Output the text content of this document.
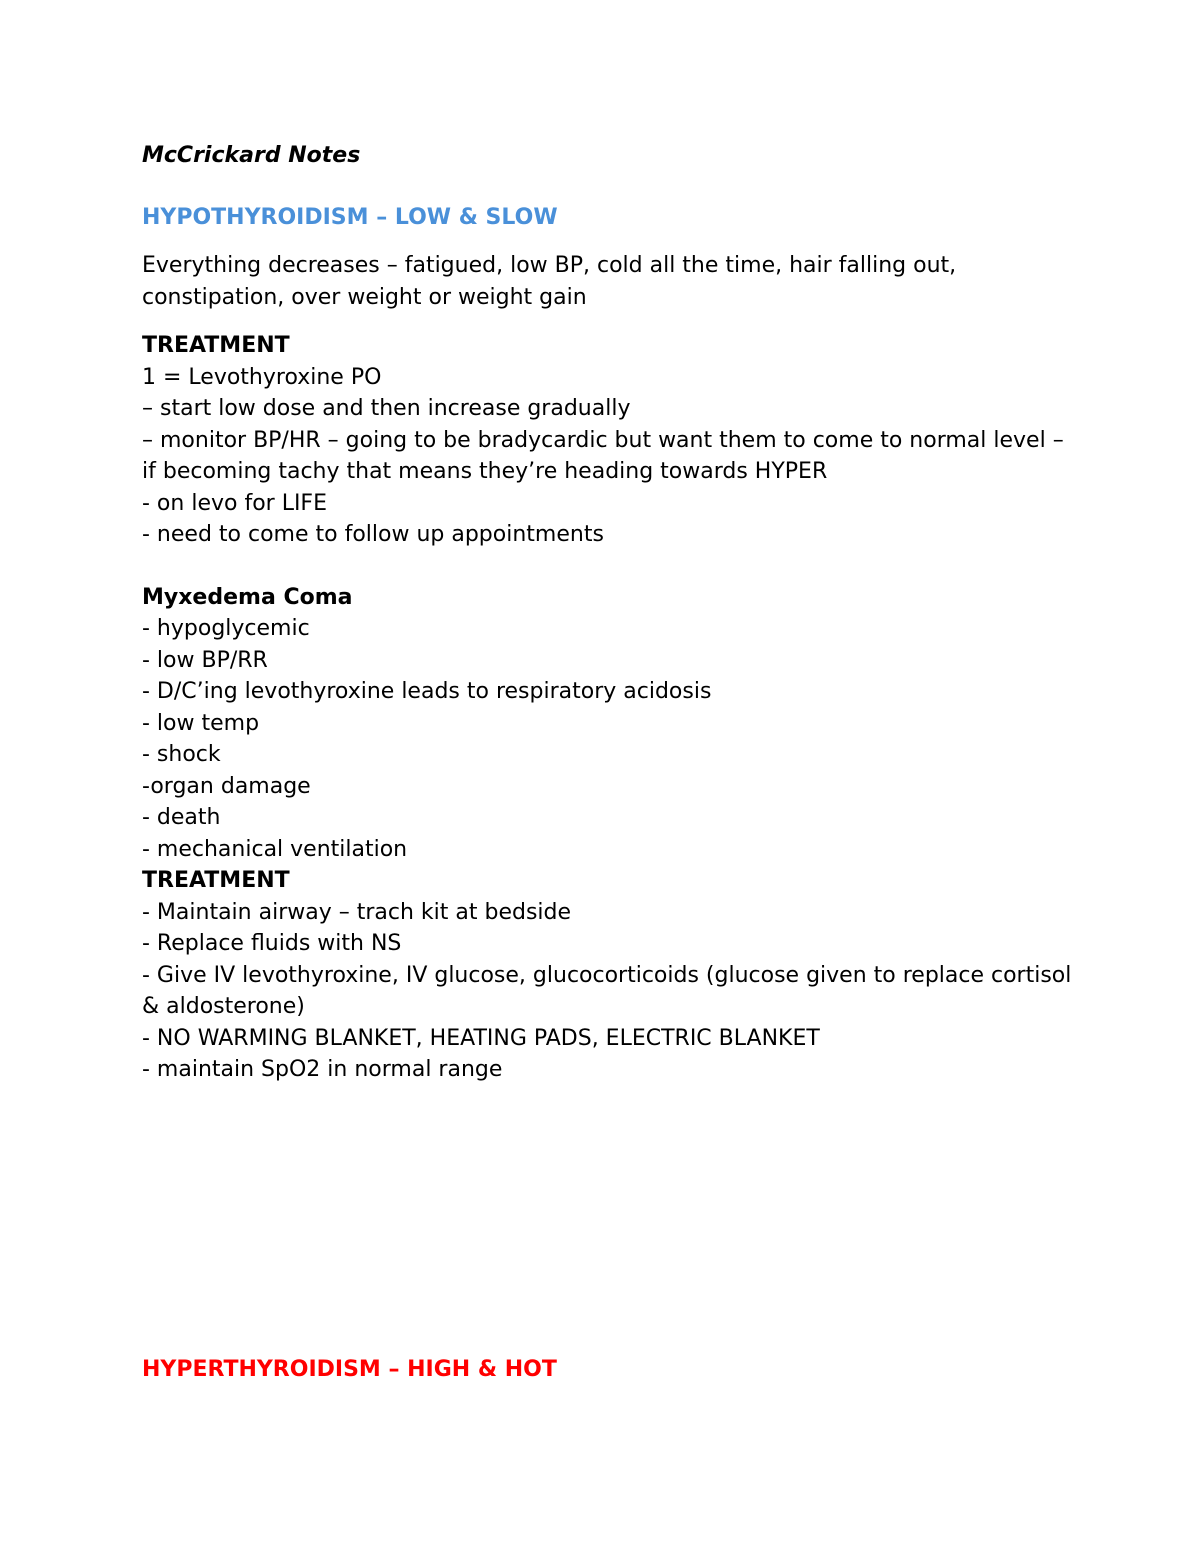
McCrickard Notes

HYPOTHYROIDISM – LOW & SLOW

Everything decreases – fatigued, low BP, cold all the time, hair falling out, constipation, over weight or weight gain

TREATMENT

1 = Levothyroxine PO

– start low dose and then increase gradually

– monitor BP/HR – going to be bradycardic but want them to come to normal level – if becoming tachy that means they’re heading towards HYPER

- on levo for LIFE

- need to come to follow up appointments

Myxedema Coma

- hypoglycemic

- low BP/RR

- D/C’ing levothyroxine leads to respiratory acidosis

- low temp

- shock

-organ damage

- death

- mechanical ventilation

TREATMENT

- Maintain airway – trach kit at bedside

- Replace fluids with NS

- Give IV levothyroxine, IV glucose, glucocorticoids (glucose given to replace cortisol & aldosterone)

- NO WARMING BLANKET, HEATING PADS, ELECTRIC BLANKET

- maintain SpO2 in normal range

HYPERTHYROIDISM – HIGH & HOT
